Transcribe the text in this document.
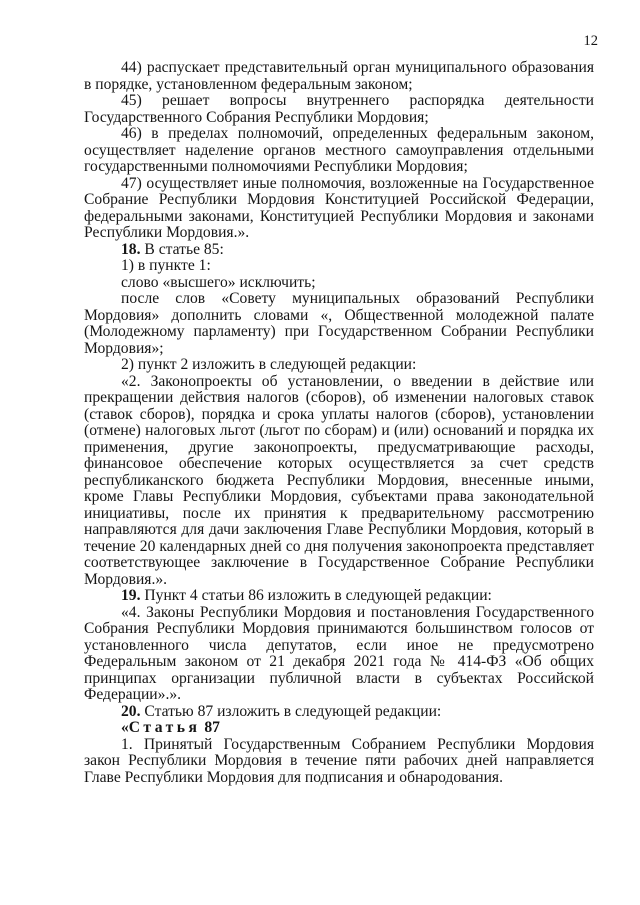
12

44) распускает представительный орган муниципального образования в порядке, установленном федеральным законом;

45) решает вопросы внутреннего распорядка деятельности Государственного Собрания Республики Мордовия;

46) в пределах полномочий, определенных федеральным законом, осуществляет наделение органов местного самоуправления отдельными государственными полномочиями Республики Мордовия;

47) осуществляет иные полномочия, возложенные на Государственное Собрание Республики Мордовия Конституцией Российской Федерации, федеральными законами, Конституцией Республики Мордовия и законами Республики Мордовия.».

18. В статье 85:

1) в пункте 1:

слово «высшего» исключить;

после слов «Совету муниципальных образований Республики Мордовия» дополнить словами «, Общественной молодежной палате (Молодежному парламенту) при Государственном Собрании Республики Мордовия»;

2) пункт 2 изложить в следующей редакции:

«2. Законопроекты об установлении, о введении в действие или прекращении действия налогов (сборов), об изменении налоговых ставок (ставок сборов), порядка и срока уплаты налогов (сборов), установлении (отмене) налоговых льгот (льгот по сборам) и (или) оснований и порядка их применения, другие законопроекты, предусматривающие расходы, финансовое обеспечение которых осуществляется за счет средств республиканского бюджета Республики Мордовия, внесенные иными, кроме Главы Республики Мордовия, субъектами права законодательной инициативы, после их принятия к предварительному рассмотрению направляются для дачи заключения Главе Республики Мордовия, который в течение 20 календарных дней со дня получения законопроекта представляет соответствующее заключение в Государственное Собрание Республики Мордовия.».

19. Пункт 4 статьи 86 изложить в следующей редакции:

«4. Законы Республики Мордовия и постановления Государственного Собрания Республики Мордовия принимаются большинством голосов от установленного числа депутатов, если иное не предусмотрено Федеральным законом от 21 декабря 2021 года № 414-ФЗ «Об общих принципах организации публичной власти в субъектах Российской Федерации».».

20. Статью 87 изложить в следующей редакции:

«Статья 87

1. Принятый Государственным Собранием Республики Мордовия закон Республики Мордовия в течение пяти рабочих дней направляется Главе Республики Мордовия для подписания и обнародования.
